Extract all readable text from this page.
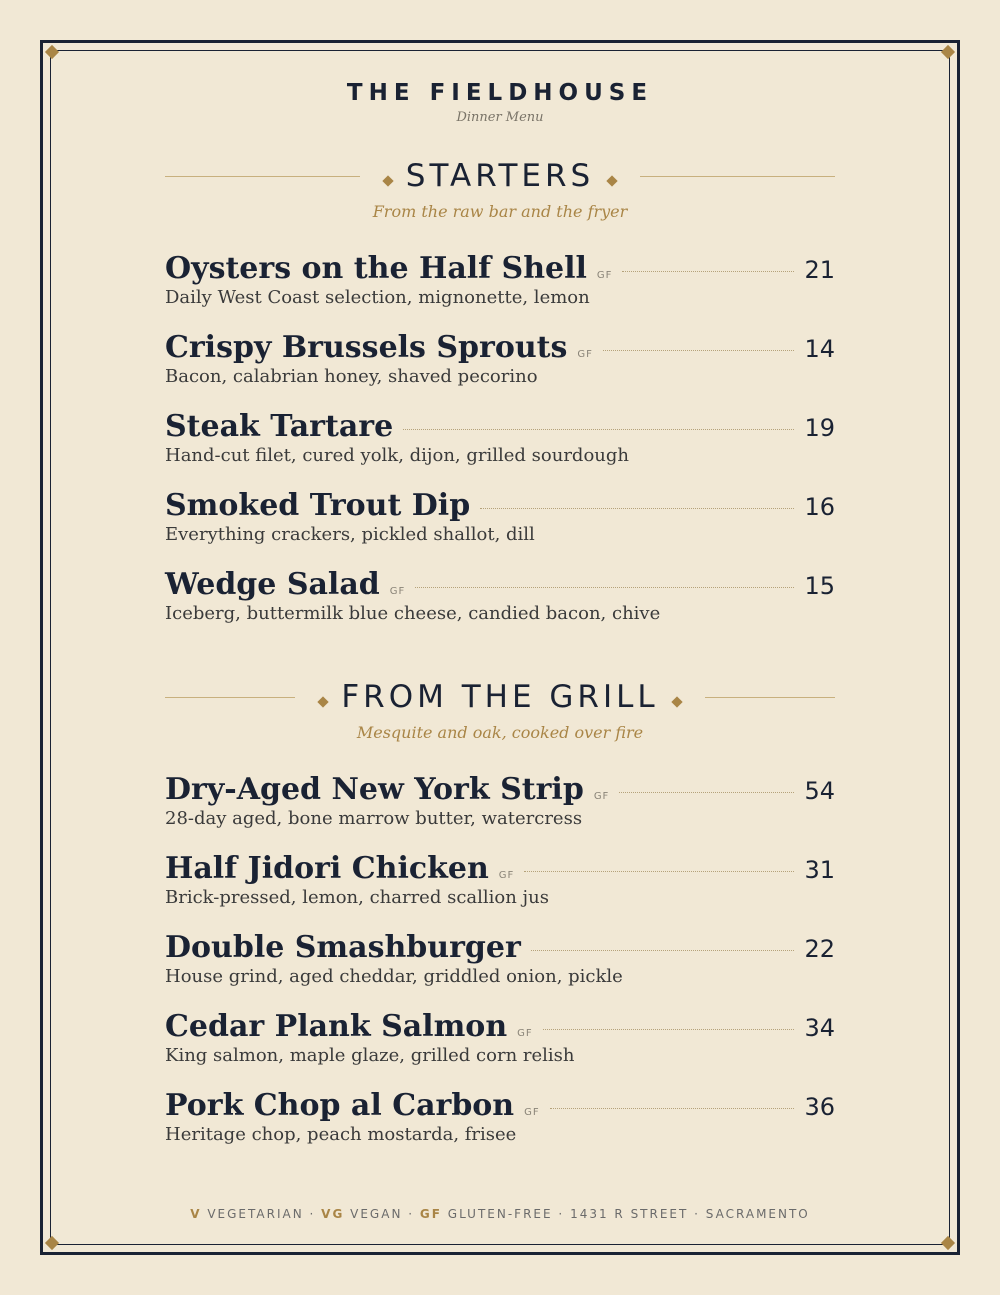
THE FIELDHOUSE
Dinner Menu
STARTERS
From the raw bar and the fryer
Oysters on the Half Shell GF	21
Daily West Coast selection, mignonette, lemon
Crispy Brussels Sprouts GF	14
Bacon, calabrian honey, shaved pecorino
Steak Tartare	19
Hand-cut filet, cured yolk, dijon, grilled sourdough
Smoked Trout Dip	16
Everything crackers, pickled shallot, dill
Wedge Salad GF	15
Iceberg, buttermilk blue cheese, candied bacon, chive
FROM THE GRILL
Mesquite and oak, cooked over fire
Dry-Aged New York Strip GF	54
28-day aged, bone marrow butter, watercress
Half Jidori Chicken GF	31
Brick-pressed, lemon, charred scallion jus
Double Smashburger	22
House grind, aged cheddar, griddled onion, pickle
Cedar Plank Salmon GF	34
King salmon, maple glaze, grilled corn relish
Pork Chop al Carbon GF	36
Heritage chop, peach mostarda, frisee
V VEGETARIAN · VG VEGAN · GF GLUTEN-FREE · 1431 R STREET · SACRAMENTO
